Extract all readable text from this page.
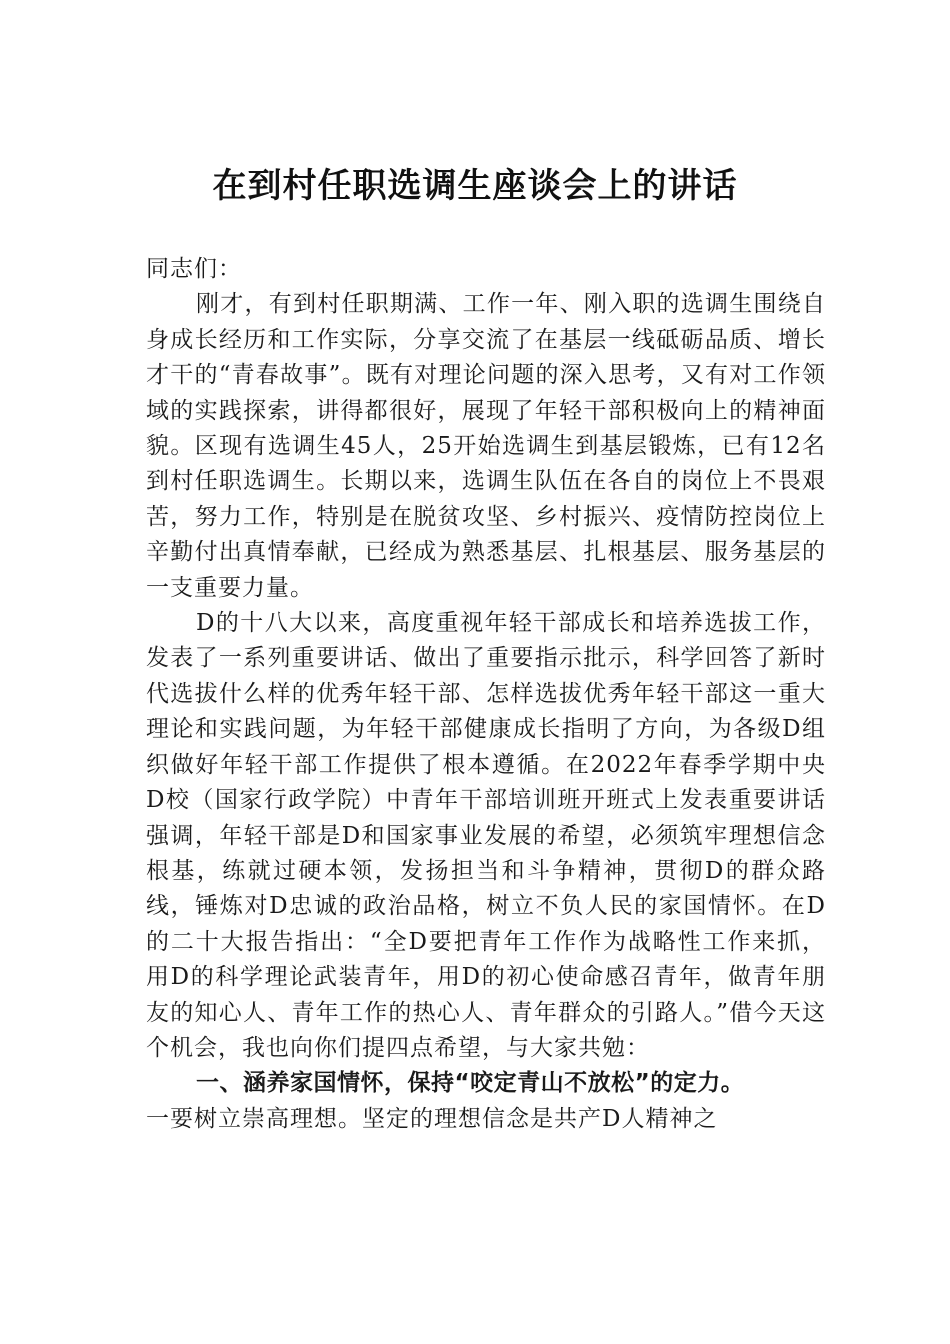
在到村任职选调生座谈会上的讲话

同志们：

刚才，有到村任职期满、工作一年、刚入职的选调生围绕自身成长经历和工作实际，分享交流了在基层一线砥砺品质、增长才干的“青春故事”。既有对理论问题的深入思考，又有对工作领域的实践探索，讲得都很好，展现了年轻干部积极向上的精神面貌。区现有选调生45人，25开始选调生到基层锻炼，已有12名到村任职选调生。长期以来，选调生队伍在各自的岗位上不畏艰苦，努力工作，特别是在脱贫攻坚、乡村振兴、疫情防控岗位上辛勤付出真情奉献，已经成为熟悉基层、扎根基层、服务基层的一支重要力量。

D的十八大以来，高度重视年轻干部成长和培养选拔工作，发表了一系列重要讲话、做出了重要指示批示，科学回答了新时代选拔什么样的优秀年轻干部、怎样选拔优秀年轻干部这一重大理论和实践问题，为年轻干部健康成长指明了方向，为各级D组织做好年轻干部工作提供了根本遵循。在2022年春季学期中央D校（国家行政学院）中青年干部培训班开班式上发表重要讲话强调，年轻干部是D和国家事业发展的希望，必须筑牢理想信念根基，练就过硬本领，发扬担当和斗争精神，贯彻D的群众路线，锤炼对D忠诚的政治品格，树立不负人民的家国情怀。在D的二十大报告指出：“全D要把青年工作作为战略性工作来抓，用D的科学理论武装青年，用D的初心使命感召青年，做青年朋友的知心人、青年工作的热心人、青年群众的引路人。”借今天这个机会，我也向你们提四点希望，与大家共勉：

一、涵养家国情怀，保持“咬定青山不放松”的定力。

一要树立崇高理想。坚定的理想信念是共产D人精神之
